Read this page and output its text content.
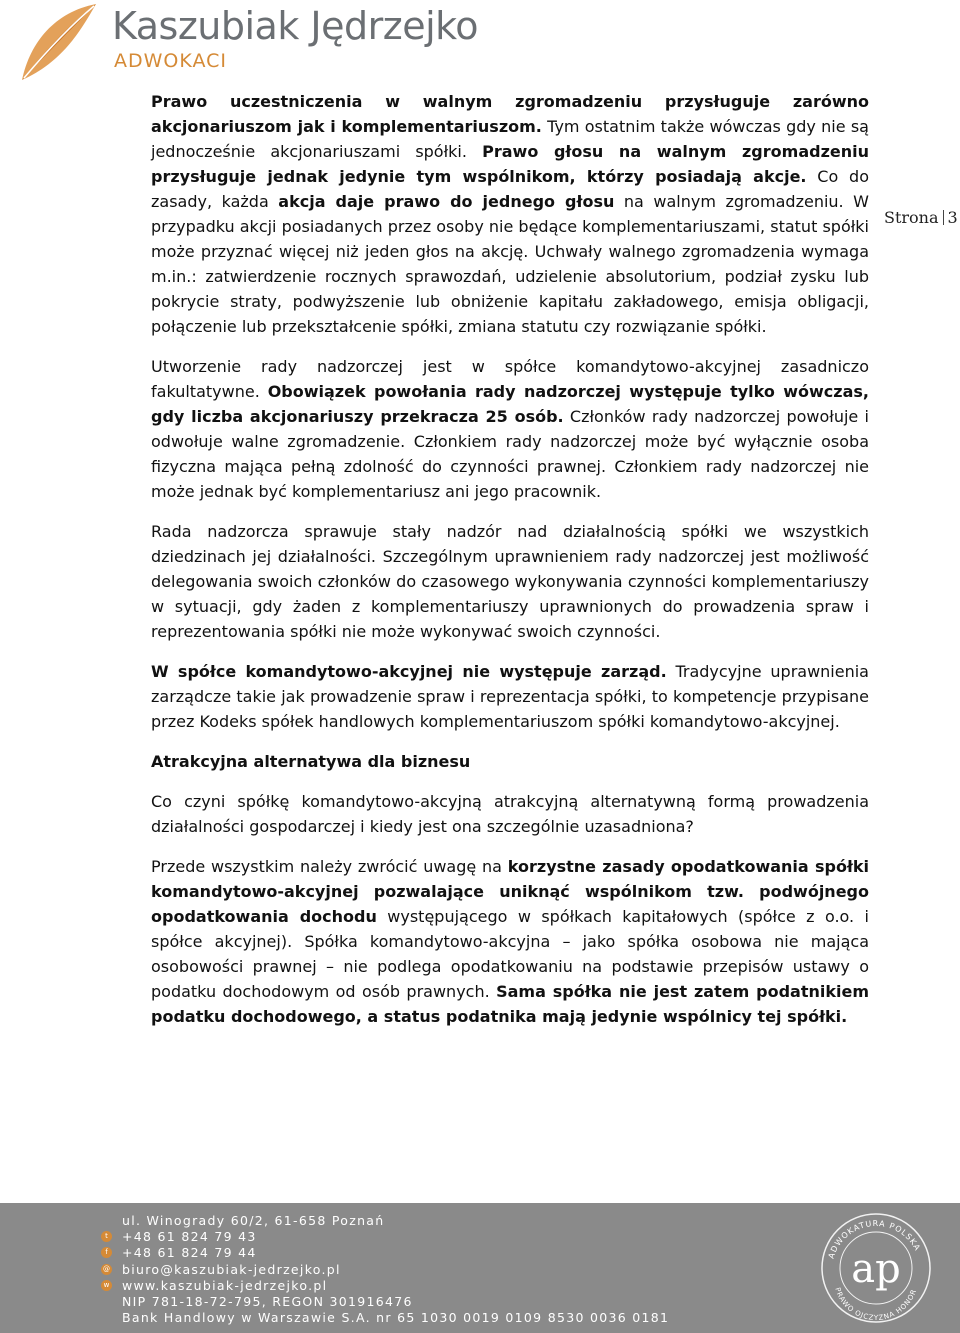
Kaszubiak Jędrzejko
ADWOKACI
Strona 3

Prawo uczestniczenia w walnym zgromadzeniu przysługuje zarówno akcjonariuszom jak i komplementariuszom. Tym ostatnim także wówczas gdy nie są jednocześnie akcjonariuszami spółki. Prawo głosu na walnym zgromadzeniu przysługuje jednak jedynie tym wspólnikom, którzy posiadają akcje. Co do zasady, każda akcja daje prawo do jednego głosu na walnym zgromadzeniu. W przypadku akcji posiadanych przez osoby nie będące komplementariuszami, statut spółki może przyznać więcej niż jeden głos na akcję. Uchwały walnego zgromadzenia wymaga m.in.: zatwierdzenie rocznych sprawozdań, udzielenie absolutorium, podział zysku lub pokrycie straty, podwyższenie lub obniżenie kapitału zakładowego, emisja obligacji, połączenie lub przekształcenie spółki, zmiana statutu czy rozwiązanie spółki.

Utworzenie rady nadzorczej jest w spółce komandytowo-akcyjnej zasadniczo fakultatywne. Obowiązek powołania rady nadzorczej występuje tylko wówczas, gdy liczba akcjonariuszy przekracza 25 osób. Członków rady nadzorczej powołuje i odwołuje walne zgromadzenie. Członkiem rady nadzorczej może być wyłącznie osoba fizyczna mająca pełną zdolność do czynności prawnej. Członkiem rady nadzorczej nie może jednak być komplementariusz ani jego pracownik.

Rada nadzorcza sprawuje stały nadzór nad działalnością spółki we wszystkich dziedzinach jej działalności. Szczególnym uprawnieniem rady nadzorczej jest możliwość delegowania swoich członków do czasowego wykonywania czynności komplementariuszy w sytuacji, gdy żaden z komplementariuszy uprawnionych do prowadzenia spraw i reprezentowania spółki nie może wykonywać swoich czynności.

W spółce komandytowo-akcyjnej nie występuje zarząd. Tradycyjne uprawnienia zarządcze takie jak prowadzenie spraw i reprezentacja spółki, to kompetencje przypisane przez Kodeks spółek handlowych komplementariuszom spółki komandytowo-akcyjnej.

Atrakcyjna alternatywa dla biznesu

Co czyni spółkę komandytowo-akcyjną atrakcyjną alternatywną formą prowadzenia działalności gospodarczej i kiedy jest ona szczególnie uzasadniona?

Przede wszystkim należy zwrócić uwagę na korzystne zasady opodatkowania spółki komandytowo-akcyjnej pozwalające uniknąć wspólnikom tzw. podwójnego opodatkowania dochodu występującego w spółkach kapitałowych (spółce z o.o. i spółce akcyjnej). Spółka komandytowo-akcyjna – jako spółka osobowa nie mająca osobowości prawnej – nie podlega opodatkowaniu na podstawie przepisów ustawy o podatku dochodowym od osób prawnych. Sama spółka nie jest zatem podatnikiem podatku dochodowego, a status podatnika mają jedynie wspólnicy tej spółki.

ul. Winogrady 60/2, 61-658 Poznań
t	+48 61 824 79 43
f	+48 61 824 79 44
@ biuro@kaszubiak-jedrzejko.pl
w www.kaszubiak-jedrzejko.pl
NIP 781-18-72-795, REGON 301916476
Bank Handlowy w Warszawie S.A. nr 65 1030 0019 0109 8530 0036 0181
ADWOKATURA POLSKA
PRAWO OJCZYZNA HONOR
ap
